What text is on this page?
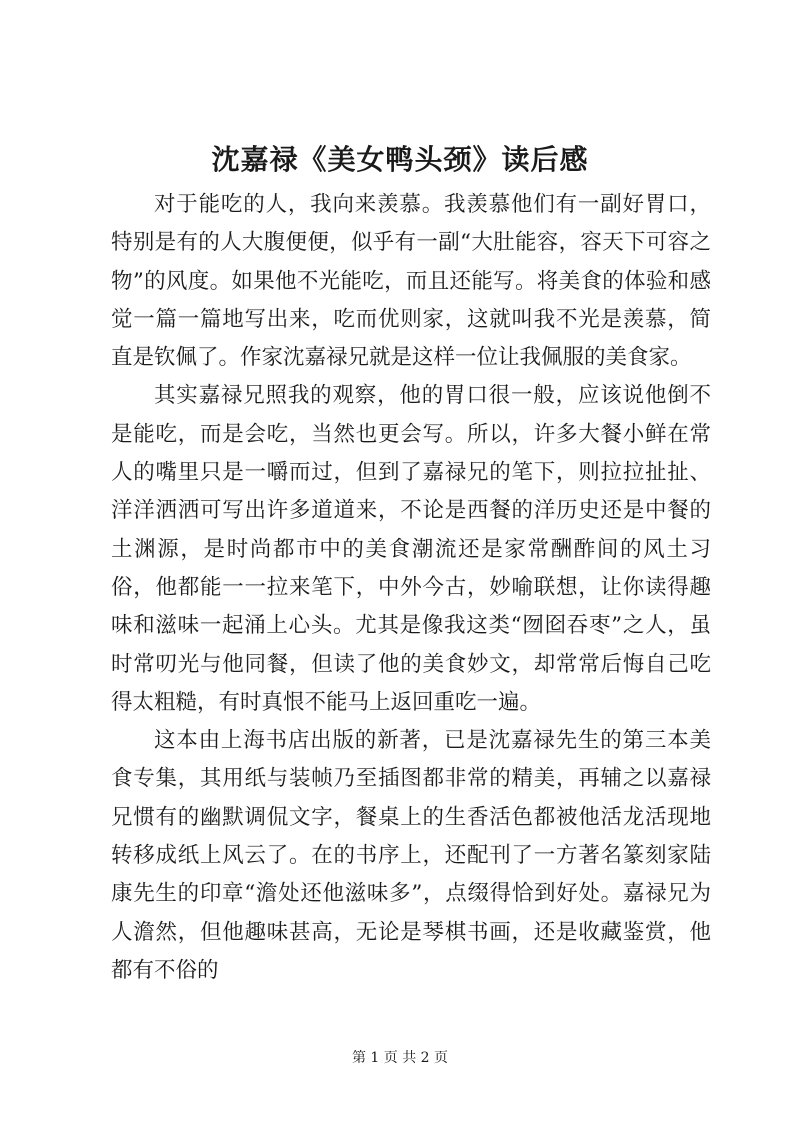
沈嘉禄《美女鸭头颈》读后感

对于能吃的人，我向来羡慕。我羡慕他们有一副好胃口，特别是有的人大腹便便，似乎有一副“大肚能容，容天下可容之物”的风度。如果他不光能吃，而且还能写。将美食的体验和感觉一篇一篇地写出来，吃而优则家，这就叫我不光是羡慕，简直是钦佩了。作家沈嘉禄兄就是这样一位让我佩服的美食家。

其实嘉禄兄照我的观察，他的胃口很一般，应该说他倒不是能吃，而是会吃，当然也更会写。所以，许多大餐小鲜在常人的嘴里只是一嚼而过，但到了嘉禄兄的笔下，则拉拉扯扯、洋洋洒洒可写出许多道道来，不论是西餐的洋历史还是中餐的土渊源，是时尚都市中的美食潮流还是家常酬酢间的风土习俗，他都能一一拉来笔下，中外今古，妙喻联想，让你读得趣味和滋味一起涌上心头。尤其是像我这类“囫囵吞枣”之人，虽时常叨光与他同餐，但读了他的美食妙文，却常常后悔自己吃得太粗糙，有时真恨不能马上返回重吃一遍。

这本由上海书店出版的新著，已是沈嘉禄先生的第三本美食专集，其用纸与装帧乃至插图都非常的精美，再辅之以嘉禄兄惯有的幽默调侃文字，餐桌上的生香活色都被他活龙活现地转移成纸上风云了。在的书序上，还配刊了一方著名篆刻家陆康先生的印章“澹处还他滋味多”，点缀得恰到好处。嘉禄兄为人澹然，但他趣味甚高，无论是琴棋书画，还是收藏鉴赏，他都有不俗的

第 1 页 共 2 页
